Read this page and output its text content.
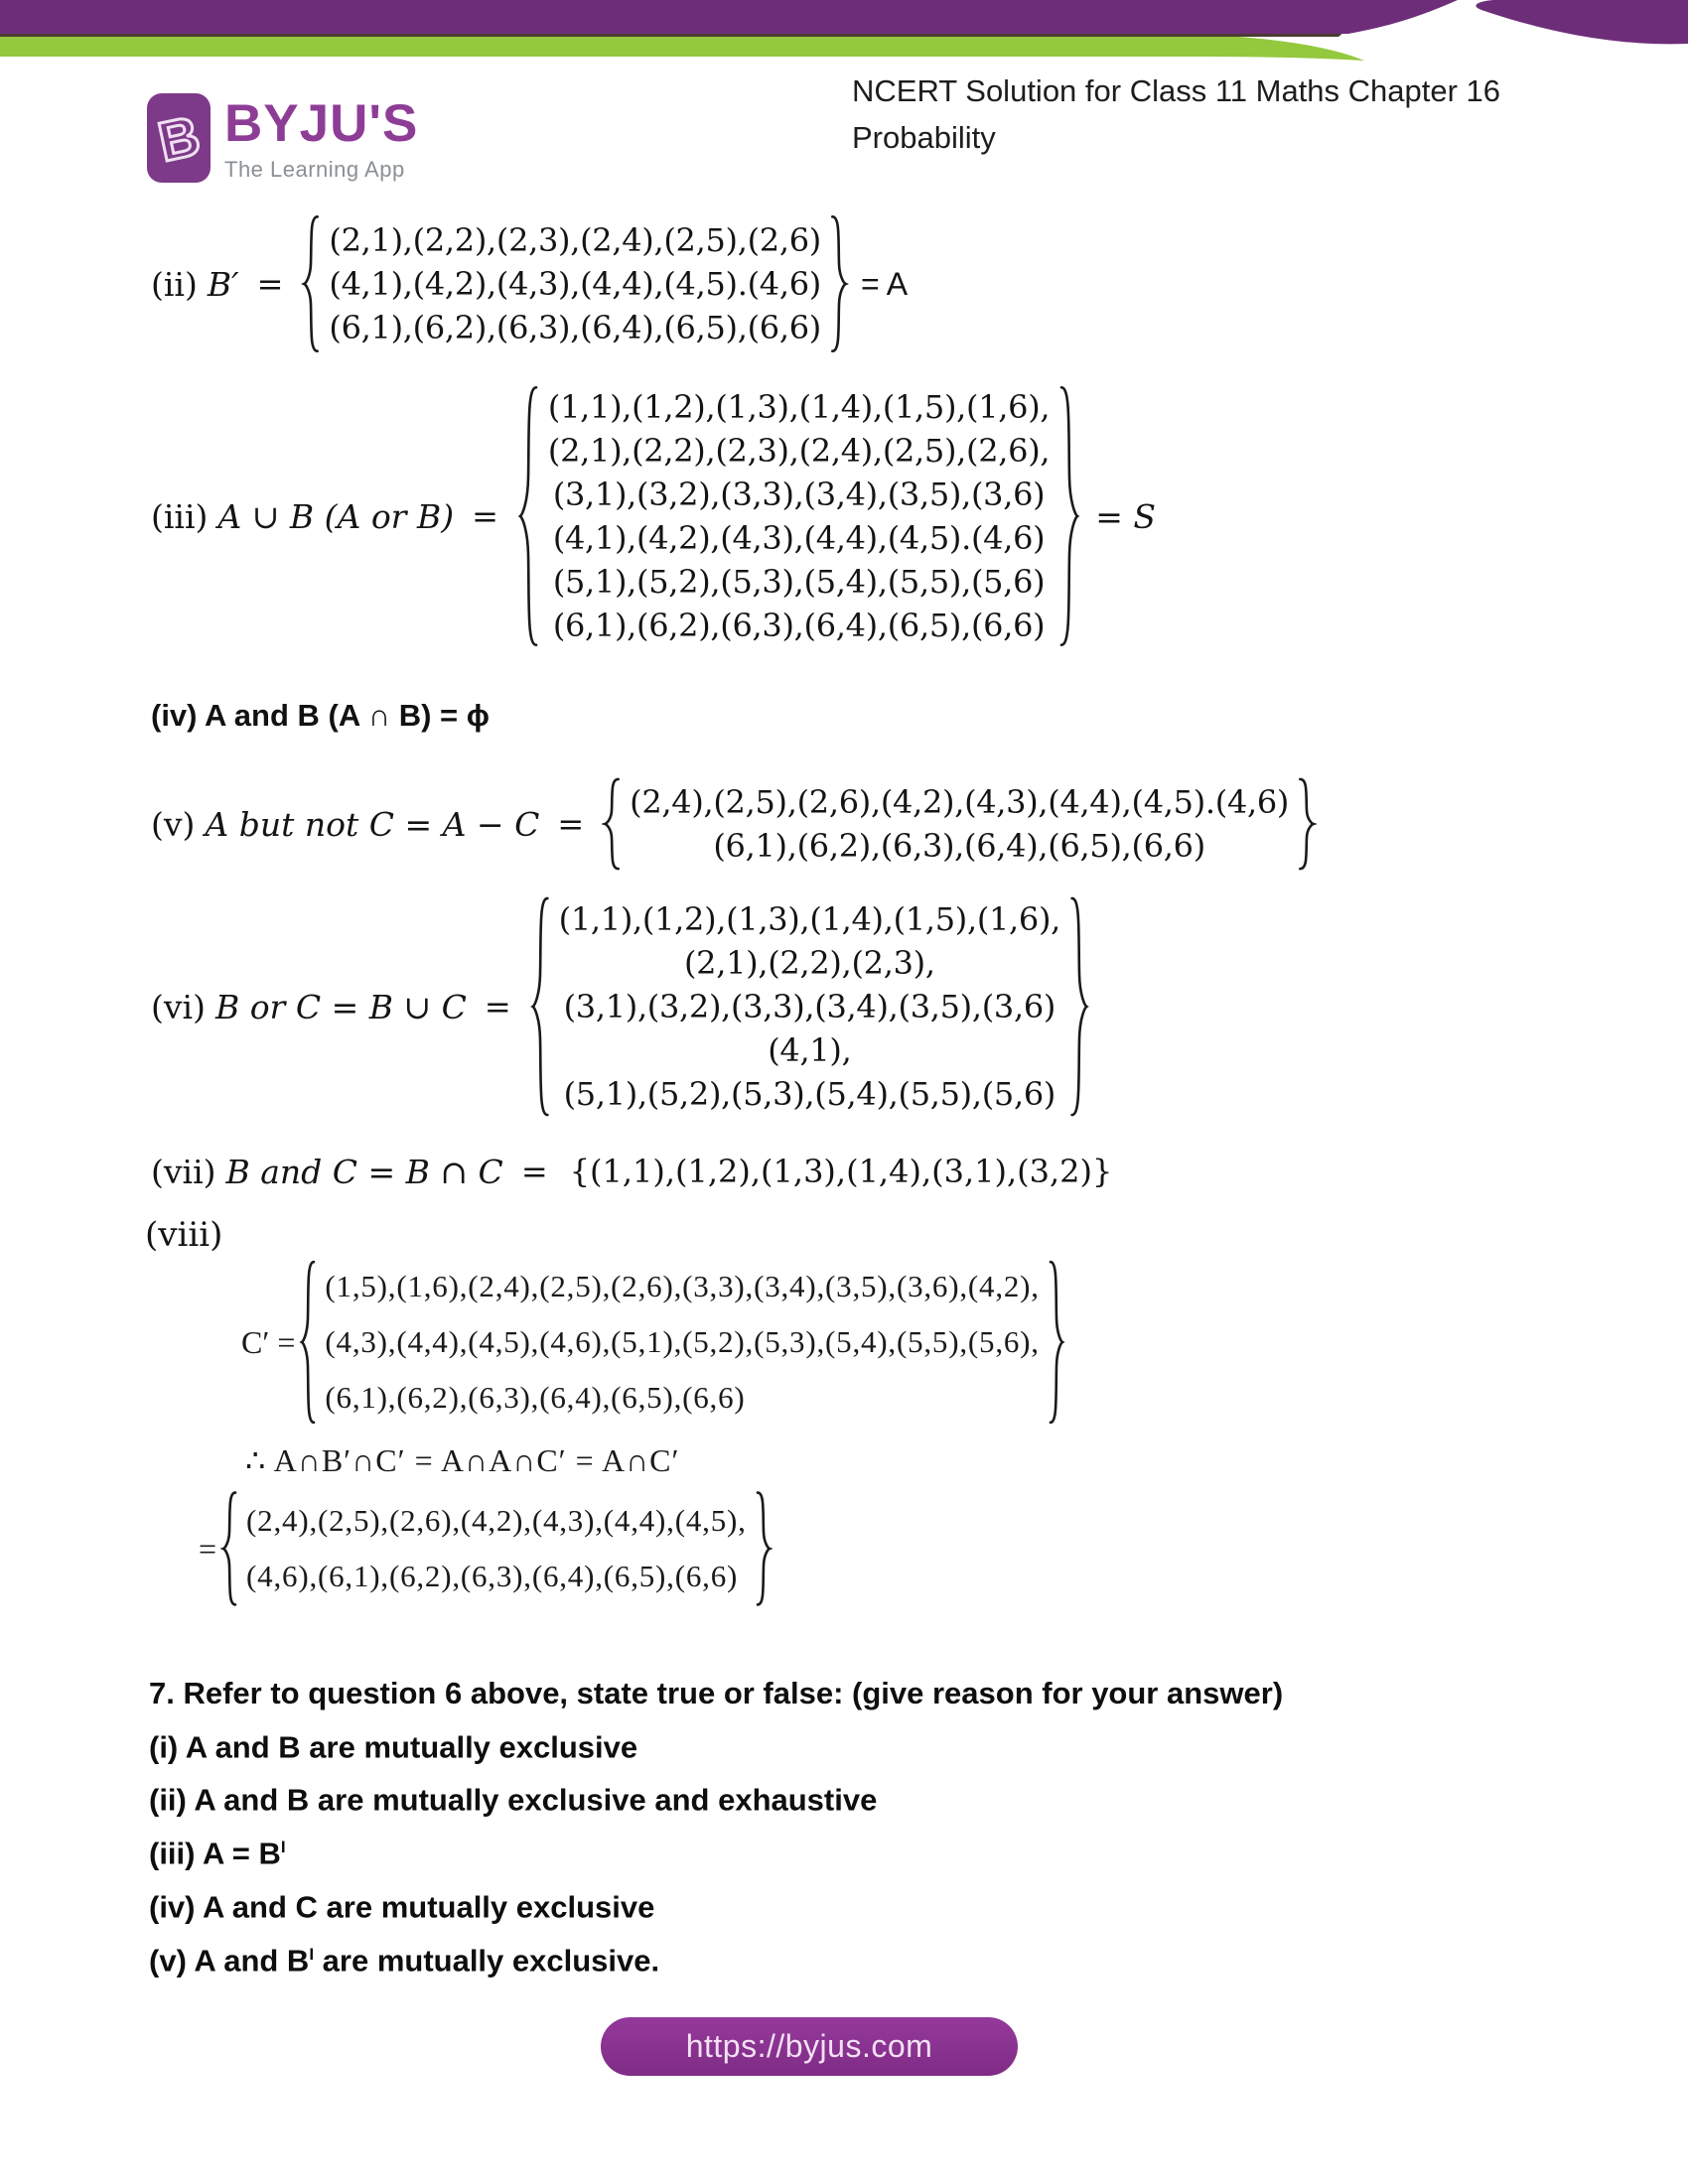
B BYJU'S
The Learning App
NCERT Solution for Class 11 Maths Chapter 16
Probability
(ii) B′ =
(2,1),(2,2),(2,3),(2,4),(2,5),(2,6)
(4,1),(4,2),(4,3),(4,4),(4,5).(4,6)
(6,1),(6,2),(6,3),(6,4),(6,5),(6,6)
= A
(iii) A ∪ B (A or B) =
(1,1),(1,2),(1,3),(1,4),(1,5),(1,6),
(2,1),(2,2),(2,3),(2,4),(2,5),(2,6),
(3,1),(3,2),(3,3),(3,4),(3,5),(3,6)
(4,1),(4,2),(4,3),(4,4),(4,5).(4,6)
(5,1),(5,2),(5,3),(5,4),(5,5),(5,6)
(6,1),(6,2),(6,3),(6,4),(6,5),(6,6)
= S
(iv) A and B (A ∩ B) = ϕ
(v) A but not C = A − C =
(2,4),(2,5),(2,6),(4,2),(4,3),(4,4),(4,5).(4,6)
(6,1),(6,2),(6,3),(6,4),(6,5),(6,6)
(vi) B or C = B ∪ C =
(1,1),(1,2),(1,3),(1,4),(1,5),(1,6),
(2,1),(2,2),(2,3),
(3,1),(3,2),(3,3),(3,4),(3,5),(3,6)
(4,1),
(5,1),(5,2),(5,3),(5,4),(5,5),(5,6)
(vii) B and C = B ∩ C = {(1,1),(1,2),(1,3),(1,4),(3,1),(3,2)}
(viii)
C′ =
(1,5),(1,6),(2,4),(2,5),(2,6),(3,3),(3,4),(3,5),(3,6),(4,2),
(4,3),(4,4),(4,5),(4,6),(5,1),(5,2),(5,3),(5,4),(5,5),(5,6),
(6,1),(6,2),(6,3),(6,4),(6,5),(6,6)
∴ A∩B′∩C′ = A∩A∩C′ = A∩C′
=
(2,4),(2,5),(2,6),(4,2),(4,3),(4,4),(4,5),
(4,6),(6,1),(6,2),(6,3),(6,4),(6,5),(6,6)
7. Refer to question 6 above, state true or false: (give reason for your answer)
(i) A and B are mutually exclusive
(ii) A and B are mutually exclusive and exhaustive
(iii) $A = B^I$
(iv) A and C are mutually exclusive
(v) A and $B^I$ are mutually exclusive.
https://byjus.com
